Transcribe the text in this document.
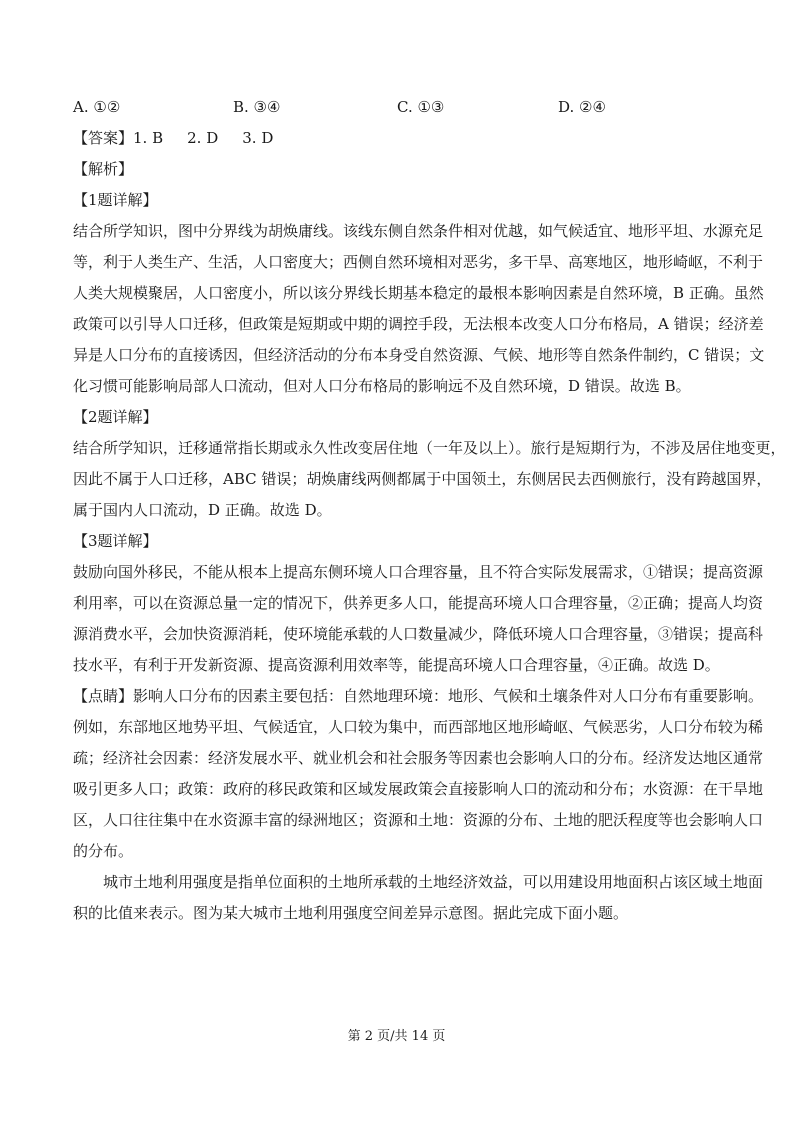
A. ①②	B. ③④	C. ①③	D. ②④
【答案】1. B 2. D 3. D
【解析】
【1题详解】
结合所学知识，图中分界线为胡焕庸线。该线东侧自然条件相对优越，如气候适宜、地形平坦、水源充足
等，利于人类生产、生活，人口密度大；西侧自然环境相对恶劣，多干旱、高寒地区，地形崎岖，不利于
人类大规模聚居，人口密度小，所以该分界线长期基本稳定的最根本影响因素是自然环境，B 正确。虽然
政策可以引导人口迁移，但政策是短期或中期的调控手段，无法根本改变人口分布格局，A 错误；经济差
异是人口分布的直接诱因，但经济活动的分布本身受自然资源、气候、地形等自然条件制约，C 错误；文
化习惯可能影响局部人口流动，但对人口分布格局的影响远不及自然环境，D 错误。故选 B。
【2题详解】
结合所学知识，迁移通常指长期或永久性改变居住地（一年及以上）。旅行是短期行为，不涉及居住地变更，
因此不属于人口迁移，ABC 错误；胡焕庸线两侧都属于中国领土，东侧居民去西侧旅行，没有跨越国界，
属于国内人口流动，D 正确。故选 D。
【3题详解】
鼓励向国外移民，不能从根本上提高东侧环境人口合理容量，且不符合实际发展需求，①错误；提高资源
利用率，可以在资源总量一定的情况下，供养更多人口，能提高环境人口合理容量，②正确；提高人均资
源消费水平，会加快资源消耗，使环境能承载的人口数量减少，降低环境人口合理容量，③错误；提高科
技水平，有利于开发新资源、提高资源利用效率等，能提高环境人口合理容量，④正确。故选 D。
【点睛】影响人口分布的因素主要包括：自然地理环境：地形、气候和土壤条件对人口分布有重要影响。
例如，东部地区地势平坦、气候适宜，人口较为集中，而西部地区地形崎岖、气候恶劣，人口分布较为稀
疏；经济社会因素：经济发展水平、就业机会和社会服务等因素也会影响人口的分布。经济发达地区通常
吸引更多人口；政策：政府的移民政策和区域发展政策会直接影响人口的流动和分布；水资源：在干旱地
区，人口往往集中在水资源丰富的绿洲地区；资源和土地：资源的分布、土地的肥沃程度等也会影响人口
的分布。
城市土地利用强度是指单位面积的土地所承载的土地经济效益，可以用建设用地面积占该区域土地面
积的比值来表示。图为某大城市土地利用强度空间差异示意图。据此完成下面小题。
第 2 页/共 14 页
